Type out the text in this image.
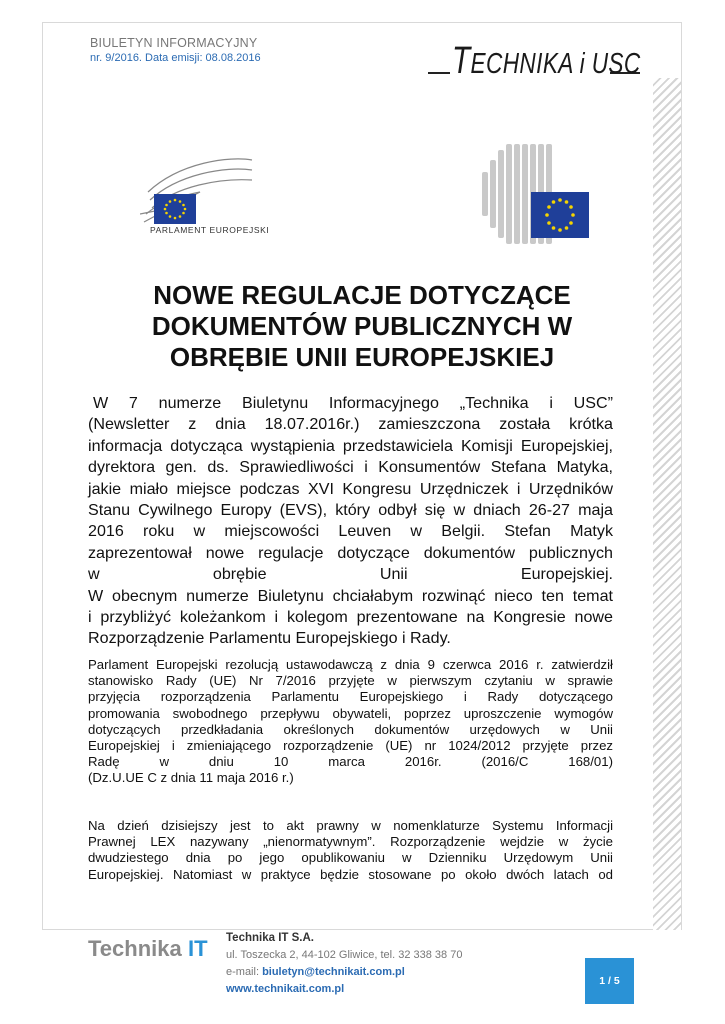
BIULETYN INFORMACYJNY
nr. 9/2016. Data emisji: 08.08.2016	TECHNIKA i USC
PARLAMENT EUROPEJSKI
NOWE REGULACJE DOTYCZĄCE
DOKUMENTÓW PUBLICZNYCH W
OBRĘBIE UNII EUROPEJSKIEJ
W 7 numerze Biuletynu Informacyjnego „Technika i USC”
(Newsletter z dnia 18.07.2016r.) zamieszczona została krótka
informacja dotycząca wystąpienia przedstawiciela Komisji Europejskiej,
dyrektora gen. ds. Sprawiedliwości i Konsumentów Stefana Matyka,
jakie miało miejsce podczas XVI Kongresu Urzędniczek i Urzędników
Stanu Cywilnego Europy (EVS), który odbył się w dniach 26-27 maja
2016 roku w miejscowości Leuven w Belgii. Stefan Matyk
zaprezentował nowe regulacje dotyczące dokumentów publicznych
w obrębie Unii Europejskiej.
W obecnym numerze Biuletynu chciałabym rozwinąć nieco ten temat
i przybliżyć koleżankom i kolegom prezentowane na Kongresie nowe
Rozporządzenie Parlamentu Europejskiego i Rady.
Parlament Europejski rezolucją ustawodawczą z dnia 9 czerwca 2016 r. zatwierdził
stanowisko Rady (UE) Nr 7/2016 przyjęte w pierwszym czytaniu w sprawie
przyjęcia rozporządzenia Parlamentu Europejskiego i Rady dotyczącego
promowania swobodnego przepływu obywateli, poprzez uproszczenie wymogów
dotyczących przedkładania określonych dokumentów urzędowych w Unii
Europejskiej i zmieniającego rozporządzenie (UE) nr 1024/2012 przyjęte przez
Radę w dniu 10 marca 2016r. (2016/C 168/01)
(Dz.U.UE C z dnia 11 maja 2016 r.)
Na dzień dzisiejszy jest to akt prawny w nomenklaturze Systemu Informacji
Prawnej LEX nazywany „nienormatywnym”. Rozporządzenie wejdzie w życie
dwudziestego dnia po jego opublikowaniu w Dzienniku Urzędowym Unii
Europejskiej. Natomiast w praktyce będzie stosowane po około dwóch latach od
Technika IT Technika IT S.A.
ul. Toszecka 2, 44-102 Gliwice, tel. 32 338 38 70
e-mail: biuletyn@technikait.com.pl
www.technikait.com.pl
1 / 5
